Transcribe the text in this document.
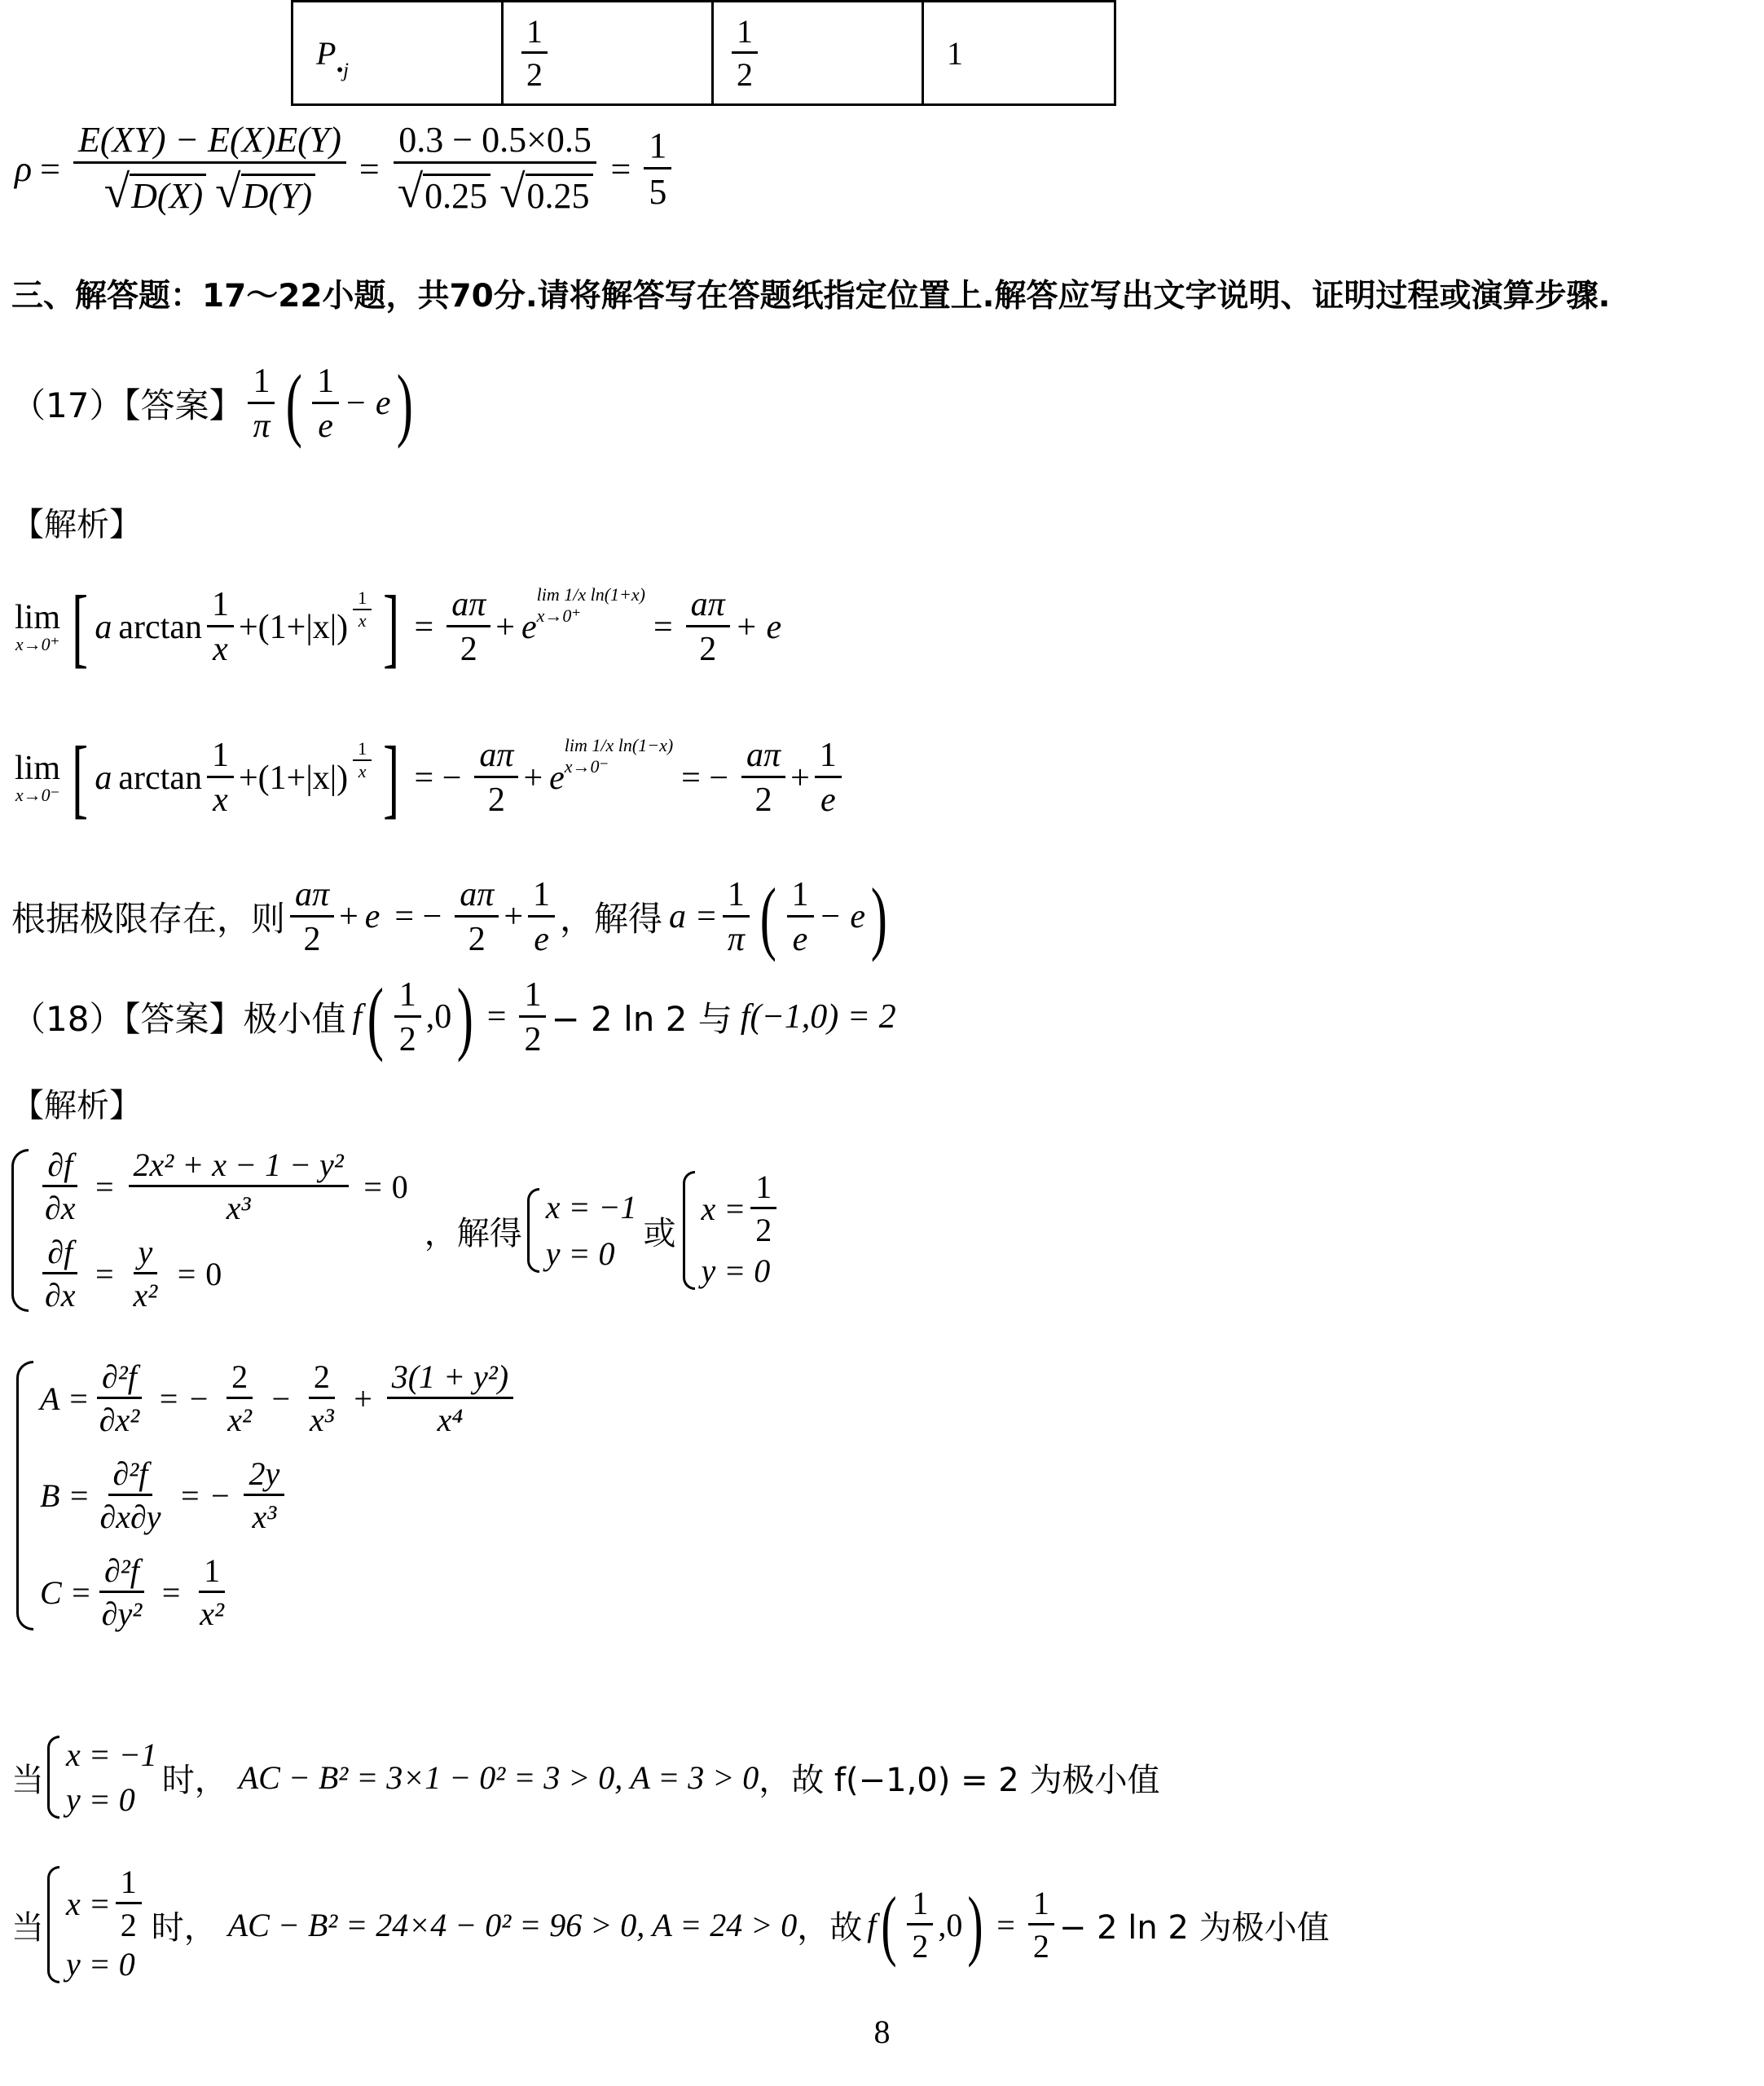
$P_{•j}$	$\frac{1}{2}$	$\frac{1}{2}$	1
ρ = E(XY) − E(X)E(Y)
√ D(X)
√ D(Y) = 0.3 − 0.5×0.5
√ 0.25
√ $0.25 = \frac{1}{5}$
三、解答题：17～22小题，共70分.请将解答写在答题纸指定位置上.解答应写出文字说明、证明过程或演算步骤.
（17）【答案】 $\frac{1}{\pi}$ ( $\frac{1}{e} - e$ )
【解析】
lim
x→0⁺ [ a $\arctan \frac{1}{x} + (1+|x|) \frac{1}{x}$ ] = $\frac{a\pi}{2} + e$
lim 1/x ln(1+x)
x→0⁺	= $\frac{a\pi}{2} + e$
lim
x→0⁻ [ a $\arctan \frac{1}{x} + (1+|x|) \frac{1}{x}$ ] = − $\frac{a\pi}{2} + e$
lim 1/x ln(1−x)
x→0⁻	= − $\frac{a\pi}{2} + \frac{1}{e}$
根据极限存在，则 $\frac{a\pi}{2} + e$ = − $\frac{a\pi}{2} + \frac{1}{e}$ ，解得 $a = \frac{1}{\pi}$ ( $\frac{1}{e} - e$ )
（18）【答案】极小值 f ( $\frac{1}{2} ,0$ ) = $\frac{1}{2} - 2$ ln 2 与 f(−1,0) = 2
【解析】
$\frac{\partial f}{\partial x} = \frac{\text{2x² + x − 1 − y²}}{\text{x³}} = 0$
$\frac{\partial f}{\partial x} = \frac{y}{\text{x²}} = 0$
，解得
x = −1
y = 0
或
$x = \frac{1}{2}$
y = 0
$A = \frac{\text{∂²f}}{\text{∂x²}}$ = − $\frac{2}{\text{x²}} - \frac{2}{\text{x³}} + \frac{\text{3(1 + y²)}}{\text{x⁴}}$
$B = \frac{\text{∂²f}}{\partial x\partial y}$ = − $\frac{2y}{\text{x³}}$
$C = \frac{\text{∂²f}}{\text{∂y²}} = \frac{1}{\text{x²}}$
当
x = −1
y = 0
时， AC − B² = 3×1 − 0² = 3 > 0, A = 3 > 0 ，故 f(−1,0) = 2 为极小值
当
$x = \frac{1}{2}$
y = 0
时， AC − B² = 24×4 − 0² = 96 > 0, A = 24 > 0 ，故 f ( $\frac{1}{2} ,0$ ) = $\frac{1}{2} - 2$ ln 2 为极小值
8
